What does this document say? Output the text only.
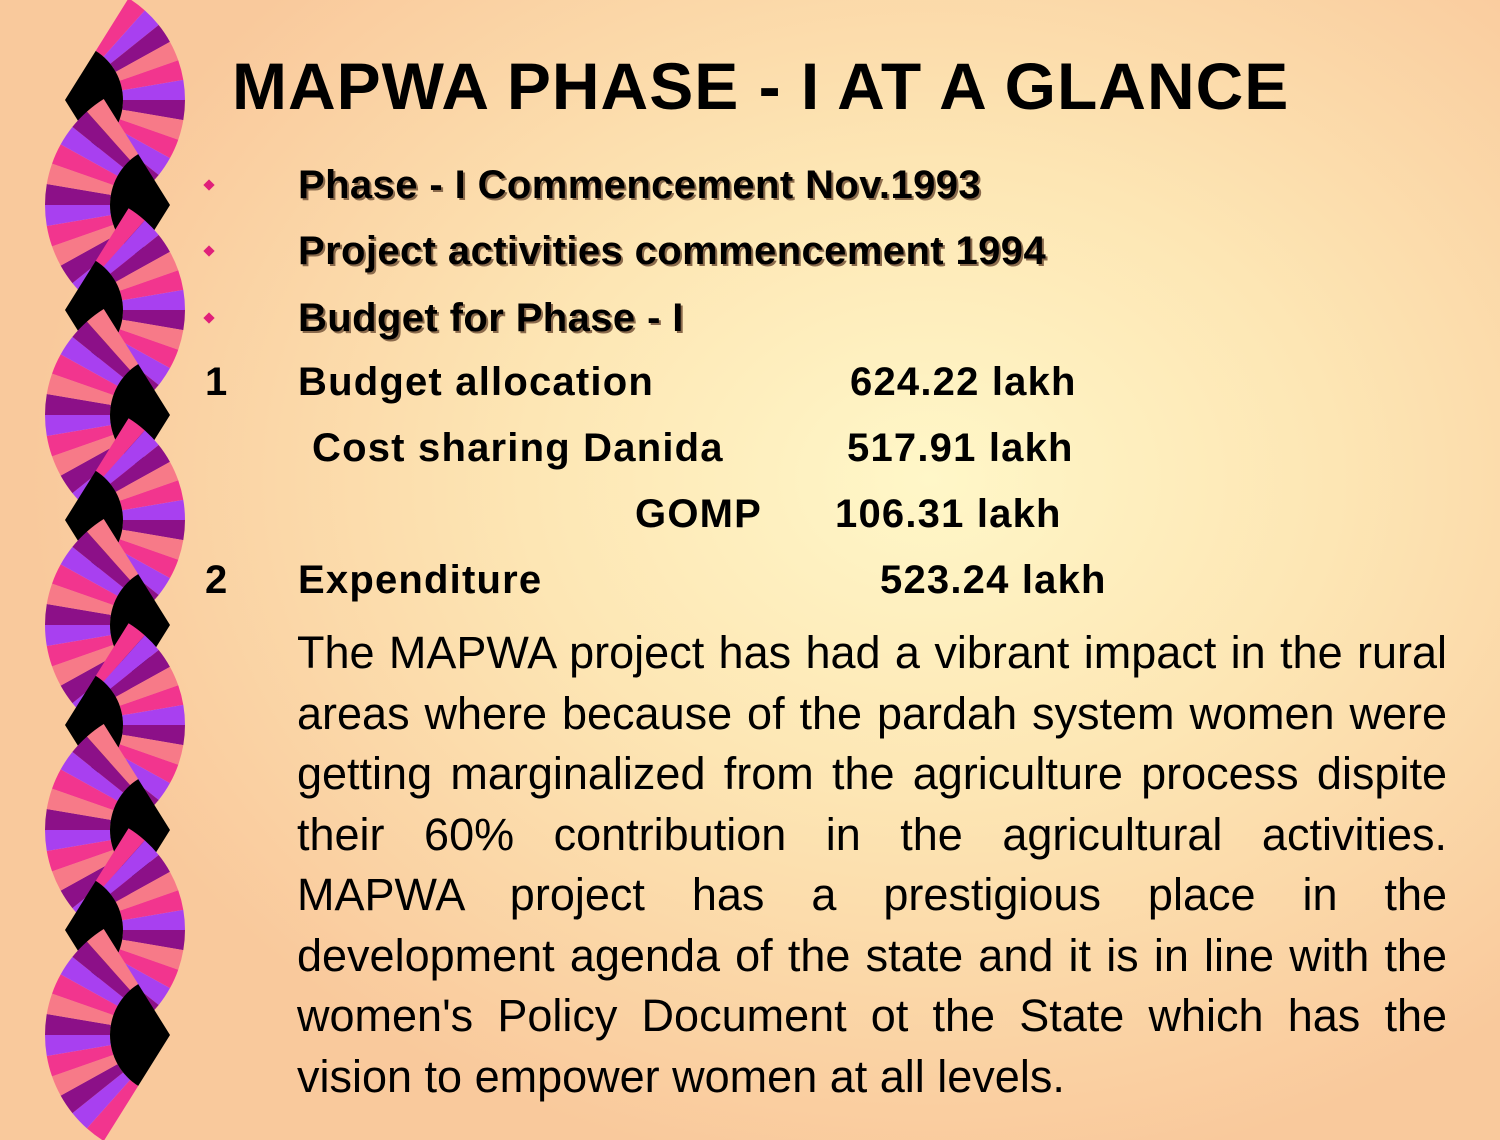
MAPWA PHASE - I AT A GLANCE
Phase - I Commencement Nov.1993
Project activities commencement 1994
Budget for Phase - I
1 Budget allocation	624.22 lakh
Cost sharing Danida	517.91 lakh
GOMP 106.31 lakh
2 Expenditure	523.24 lakh
The MAPWA project has had a vibrant impact in the rural areas where because of the pardah system women were getting marginalized from the agriculture process dispite their 60% contribution in the agricultural activities. MAPWA project has a prestigious place in the development agenda of the state and it is in line with the women's Policy Document ot the State which has the vision to empower women at all levels.
